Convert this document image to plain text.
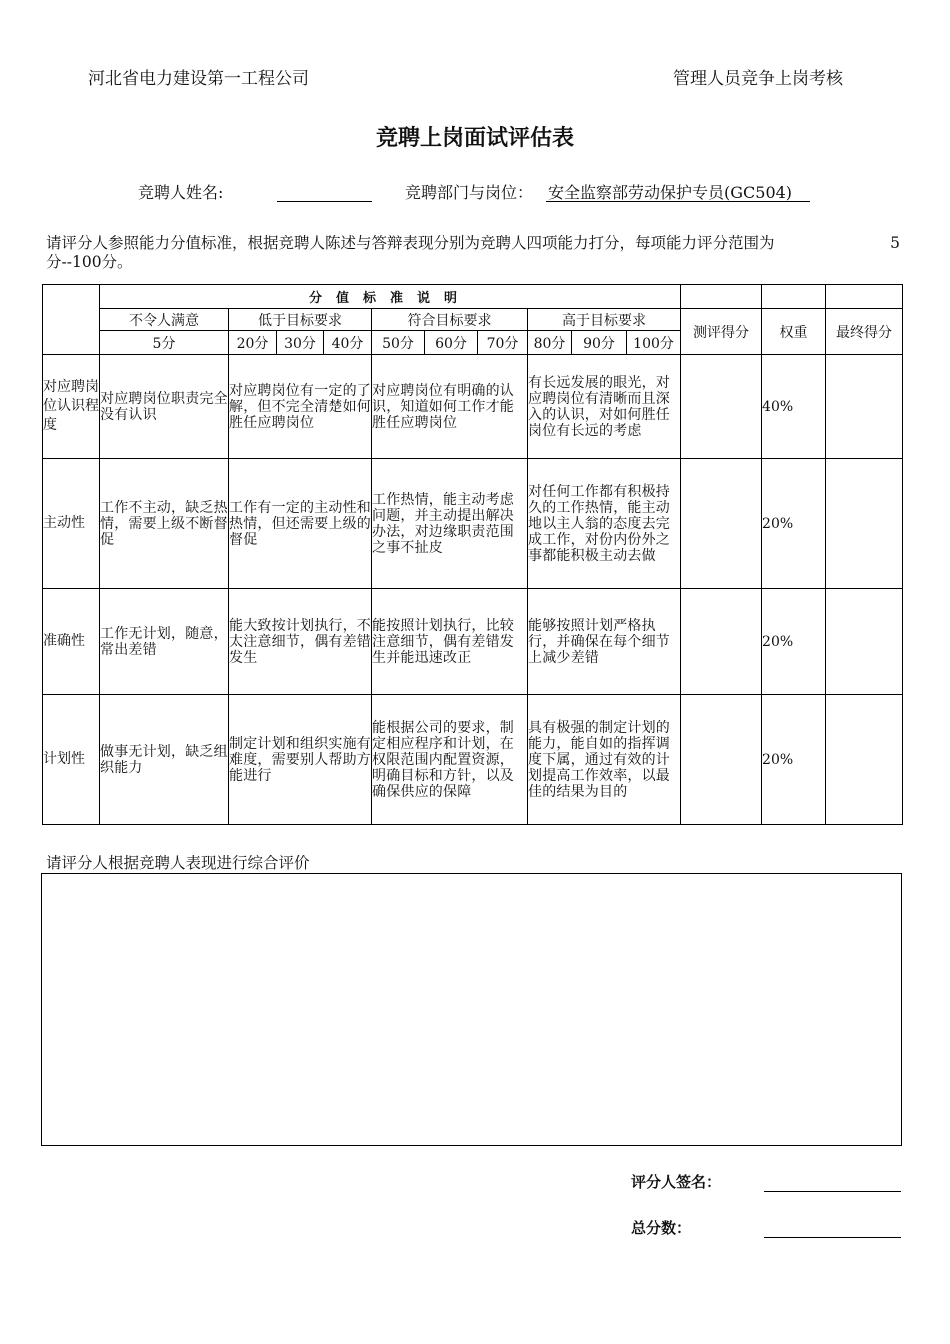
河北省电力建设第一工程公司	管理人员竞争上岗考核
竞聘上岗面试评估表
竞聘人姓名:	竞聘部门与岗位： 安全监察部劳动保护专员(GC504)
请评分人参照能力分值标准，根据竞聘人陈述与答辩表现分别为竞聘人四项能力打分，每项能力评分范围为	5

分--100分。
	分值标准说明												
	不令人满意	低于目标要求			符合目标要求			高于目标要求			测评得分	权重	最终得分
	5分	20分	30分	40分	50分	60分	70分	80分	90分	100分			
对应聘岗位认识程度	对应聘岗位职责完全没有认识	对应聘岗位有一定的了解，但不完全清楚如何胜任应聘岗位			对应聘岗位有明确的认识，知道如何工作才能胜任应聘岗位			有长远发展的眼光，对应聘岗位有清晰而且深入的认识，对如何胜任岗位有长远的考虑				40%	
主动性	工作不主动，缺乏热情，需要上级不断督促	工作有一定的主动性和热情，但还需要上级的督促			工作热情，能主动考虑问题，并主动提出解决办法，对边缘职责范围之事不扯皮			对任何工作都有积极持久的工作热情，能主动地以主人翁的态度去完成工作，对份内份外之事都能积极主动去做				20%	
准确性	工作无计划，随意，常出差错	能大致按计划执行，不太注意细节，偶有差错发生			能按照计划执行，比较注意细节，偶有差错发生并能迅速改正			能够按照计划严格执行，并确保在每个细节上减少差错				20%	
计划性	做事无计划，缺乏组织能力	制定计划和组织实施有难度，需要别人帮助方能进行			能根据公司的要求，制定相应程序和计划，在权限范围内配置资源，明确目标和方针，以及确保供应的保障			具有极强的制定计划的能力，能自如的指挥调度下属，通过有效的计划提高工作效率，以最佳的结果为目的				20%	
请评分人根据竞聘人表现进行综合评价
评分人签名：
总分数：
